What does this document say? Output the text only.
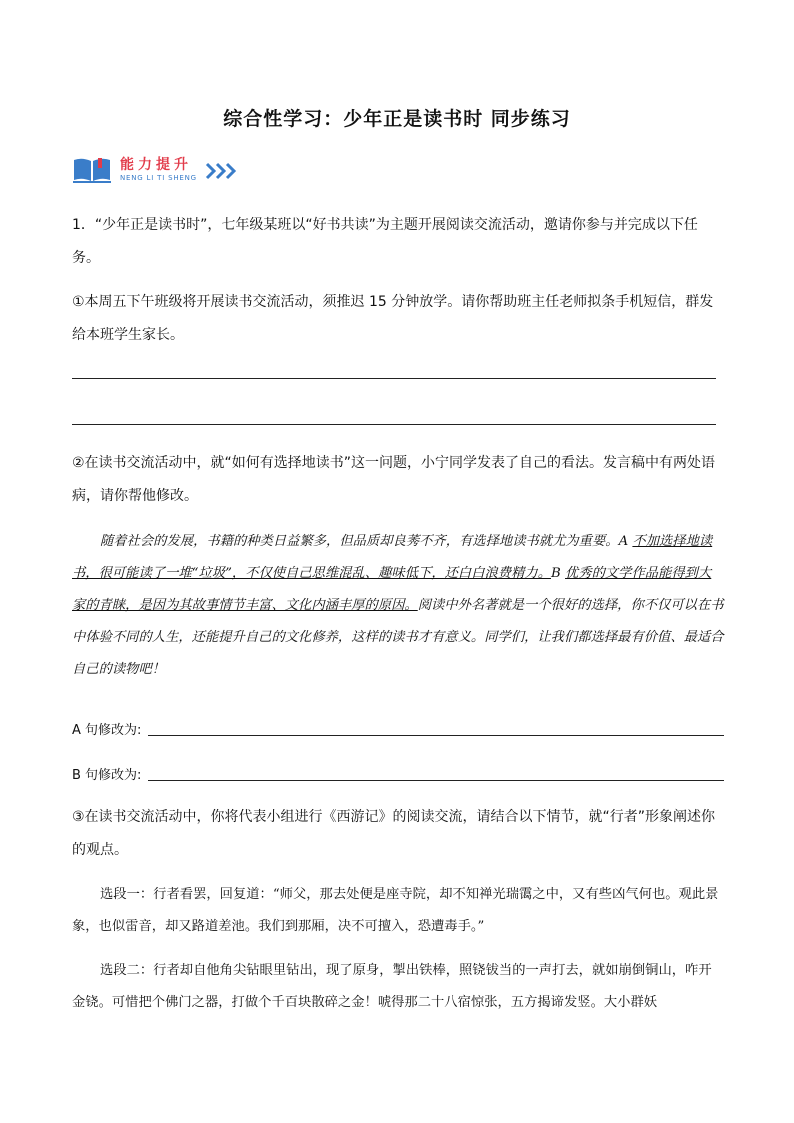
综合性学习：少年正是读书时 同步练习
能力提升
NENG LI TI SHENG
1．“少年正是读书时”，七年级某班以“好书共读”为主题开展阅读交流活动，邀请你参与并完成以下任务。
①本周五下午班级将开展读书交流活动，须推迟 15 分钟放学。请你帮助班主任老师拟条手机短信，群发给本班学生家长。
②在读书交流活动中，就“如何有选择地读书”这一问题，小宁同学发表了自己的看法。发言稿中有两处语病，请你帮他修改。
随着社会的发展，书籍的种类日益繁多，但品质却良莠不齐，有选择地读书就尤为重要。A 不加选择地读书，很可能读了一堆“垃圾”，不仅使自己思维混乱、趣味低下，还白白浪费精力。B 优秀的文学作品能得到大家的青睐，是因为其故事情节丰富、文化内涵丰厚的原因。阅读中外名著就是一个很好的选择，你不仅可以在书中体验不同的人生，还能提升自己的文化修养，这样的读书才有意义。同学们，让我们都选择最有价值、最适合自己的读物吧！
A 句修改为:
B 句修改为:
③在读书交流活动中，你将代表小组进行《西游记》的阅读交流，请结合以下情节，就“行者”形象阐述你的观点。
选段一：行者看罢，回复道：“师父，那去处便是座寺院，却不知禅光瑞霭之中，又有些凶气何也。观此景象，也似雷音，却又路道差池。我们到那厢，决不可擅入，恐遭毒手。”
选段二：行者却自他角尖钻眼里钻出，现了原身，掣出铁棒，照铙钹当的一声打去，就如崩倒铜山，咋开金铙。可惜把个佛门之器，打做个千百块散碎之金！唬得那二十八宿惊张，五方揭谛发竖。大小群妖
